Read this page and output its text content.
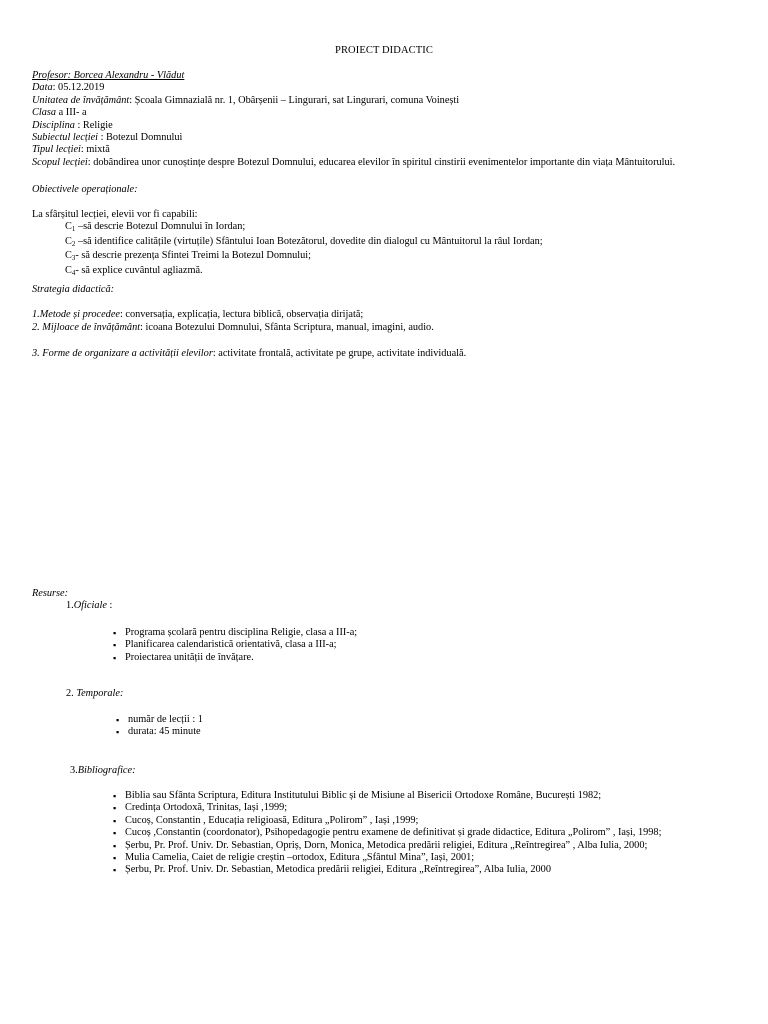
PROIECT DIDACTIC
Profesor: Borcea Alexandru - Vlădut
Data: 05.12.2019
Unitatea de învățământ: Școala Gimnazială nr. 1, Obârșenii – Lingurari, sat Lingurari, comuna Voinești
Clasa a III- a
Disciplina : Religie
Subiectul lecției : Botezul Domnului
Tipul lecției: mixtă
Scopul lecției: dobândirea unor cunoștințe despre Botezul Domnului, educarea elevilor în spiritul cinstirii evenimentelor importante din viața Mântuitorului.
Obiectivele operaționale:
La sfârșitul lecției, elevii vor fi capabili:
$C_1$ –să descrie Botezul Domnului în Iordan;
$C_2$ –să identifice calitățile (virtuțile) Sfântului Ioan Botezătorul, dovedite din dialogul cu Mântuitorul la râul Iordan;
$C_3-$ să descrie prezența Sfintei Treimi la Botezul Domnului;
$C_4-$ să explice cuvântul agliazmă.
Strategia didactică:
1.Metode și procedee: conversația, explicația, lectura biblică, observația dirijată;
2. Mijloace de învățământ: icoana Botezului Domnului, Sfânta Scriptura, manual, imagini, audio.
3. Forme de organizare a activității elevilor: activitate frontală, activitate pe grupe, activitate individuală.
Resurse:
1.Oficiale :
▪ Programa școlară pentru disciplina Religie, clasa a III-a;
▪ Planificarea calendaristică orientativă, clasa a III-a;
▪ Proiectarea unității de învățare.
2. Temporale:
▪ număr de lecții : 1
▪ durata: 45 minute
3.Bibliografice:
▪ Biblia sau Sfânta Scriptura, Editura Institutului Biblic și de Misiune al Bisericii Ortodoxe Române, București 1982;
▪ Credința Ortodoxă, Trinitas, Iași ,1999;
▪ Cucoș, Constantin , Educația religioasă, Editura „Polirom” , Iași ,1999;
▪ Cucoș ,Constantin (coordonator), Psihopedagogie pentru examene de definitivat și grade didactice, Editura „Polirom” , Iași, 1998;
▪ Șerbu, Pr. Prof. Univ. Dr. Sebastian, Opriș, Dorn, Monica, Metodica predării religiei, Editura „Reîntregirea” , Alba Iulia, 2000;
▪ Mulia Camelia, Caiet de religie creștin –ortodox, Editura „Sfântul Mina”, Iași, 2001;
▪ Șerbu, Pr. Prof. Univ. Dr. Sebastian, Metodica predării religiei, Editura „Reîntregirea”, Alba Iulia, 2000
